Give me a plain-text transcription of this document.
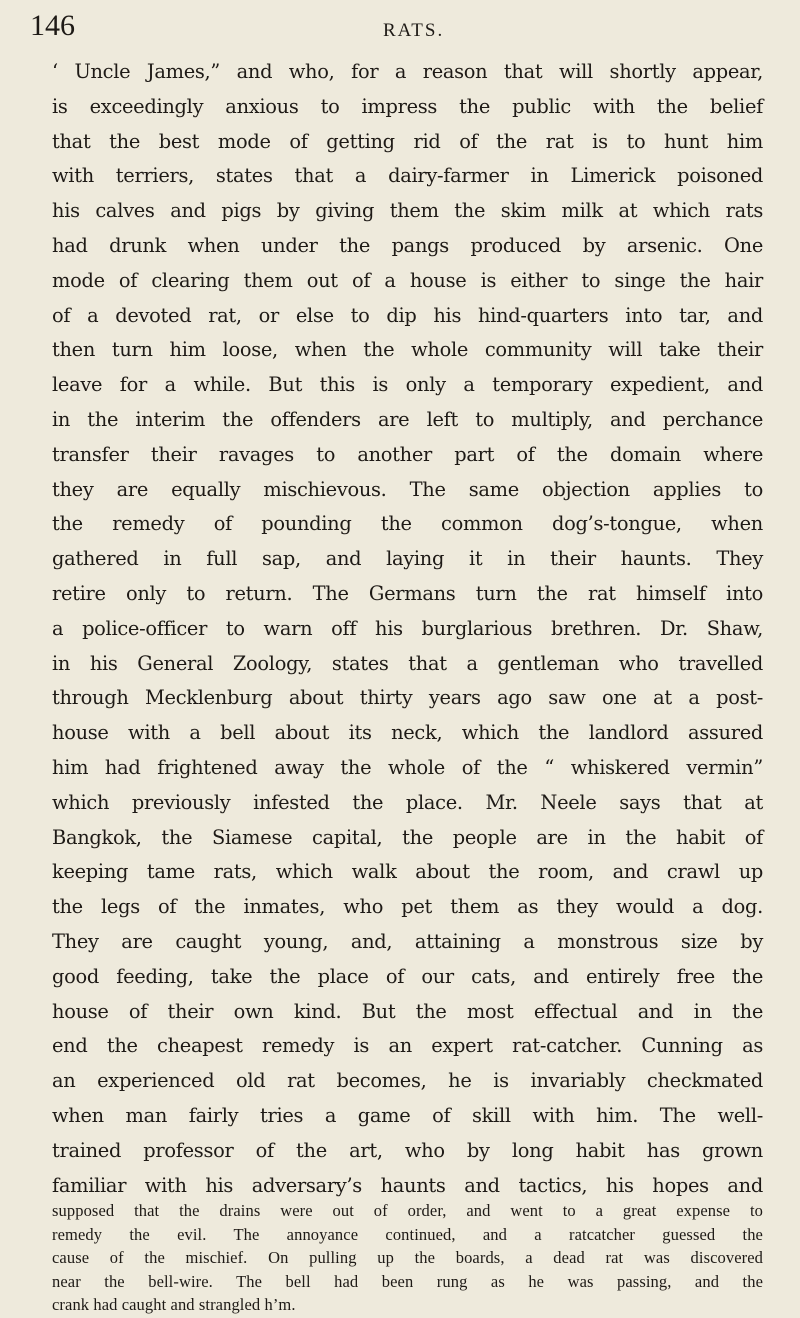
146	RATS.
‘ Uncle James,” and who, for a reason that will shortly appear,
is exceedingly anxious to impress the public with the belief
that the best mode of getting rid of the rat is to hunt him
with terriers, states that a dairy-farmer in Limerick poisoned
his calves and pigs by giving them the skim milk at which rats
had drunk when under the pangs produced by arsenic. One
mode of clearing them out of a house is either to singe the hair
of a devoted rat, or else to dip his hind-quarters into tar, and
then turn him loose, when the whole community will take their
leave for a while. But this is only a temporary expedient, and
in the interim the offenders are left to multiply, and perchance
transfer their ravages to another part of the domain where
they are equally mischievous. The same objection applies to
the remedy of pounding the common dog’s-tongue, when
gathered in full sap, and laying it in their haunts. They
retire only to return. The Germans turn the rat himself into
a police-officer to warn off his burglarious brethren. Dr. Shaw,
in his General Zoology, states that a gentleman who travelled
through Mecklenburg about thirty years ago saw one at a post-
house with a bell about its neck, which the landlord assured
him had frightened away the whole of the “ whiskered vermin”
which previously infested the place. Mr. Neele says that at
Bangkok, the Siamese capital, the people are in the habit of
keeping tame rats, which walk about the room, and crawl up
the legs of the inmates, who pet them as they would a dog.
They are caught young, and, attaining a monstrous size by
good feeding, take the place of our cats, and entirely free the
house of their own kind. But the most effectual and in the
end the cheapest remedy is an expert rat-catcher. Cunning as
an experienced old rat becomes, he is invariably checkmated
when man fairly tries a game of skill with him. The well-
trained professor of the art, who by long habit has grown
familiar with his adversary’s haunts and tactics, his hopes and
supposed that the drains were out of order, and went to a great expense to
remedy the evil. The annoyance continued, and a ratcatcher guessed the
cause of the mischief. On pulling up the boards, a dead rat was discovered
near the bell-wire. The bell had been rung as he was passing, and the
crank had caught and strangled h’m.
